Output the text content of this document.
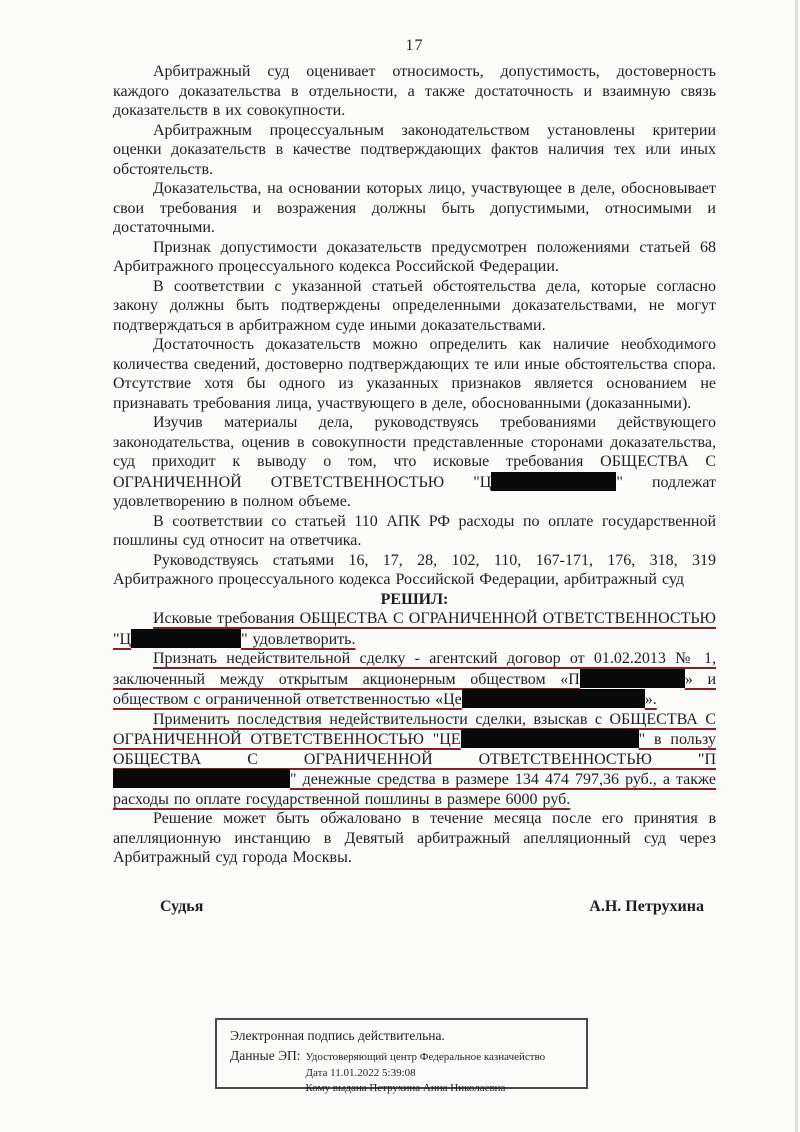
17

Арбитражный суд оценивает относимость, допустимость, достоверность каждого доказательства в отдельности, а также достаточность и взаимную связь доказательств в их совокупности.

Арбитражным процессуальным законодательством установлены критерии оценки доказательств в качестве подтверждающих фактов наличия тех или иных обстоятельств.

Доказательства, на основании которых лицо, участвующее в деле, обосновывает свои требования и возражения должны быть допустимыми, относимыми и достаточными.

Признак допустимости доказательств предусмотрен положениями статьей 68 Арбитражного процессуального кодекса Российской Федерации.

В соответствии с указанной статьей обстоятельства дела, которые согласно закону должны быть подтверждены определенными доказательствами, не могут подтверждаться в арбитражном суде иными доказательствами.

Достаточность доказательств можно определить как наличие необходимого количества сведений, достоверно подтверждающих те или иные обстоятельства спора. Отсутствие хотя бы одного из указанных признаков является основанием не признавать требования лица, участвующего в деле, обоснованными (доказанными).

Изучив материалы дела, руководствуясь требованиями действующего законодательства, оценив в совокупности представленные сторонами доказательства, суд приходит к выводу о том, что исковые требования ОБЩЕСТВА С ОГРАНИЧЕННОЙ ОТВЕТСТВЕННОСТЬЮ "Ц	" подлежат удовлетворению в полном объеме.

В соответствии со статьей 110 АПК РФ расходы по оплате государственной пошлины суд относит на ответчика.

Руководствуясь статьями 16, 17, 28, 102, 110, 167-171, 176, 318, 319 Арбитражного процессуального кодекса Российской Федерации, арбитражный суд

РЕШИЛ:

Исковые требования ОБЩЕСТВА С ОГРАНИЧЕННОЙ ОТВЕТСТВЕННОСТЬЮ "Ц	" удовлетворить.

Признать недействительной сделку - агентский договор от 01.02.2013 № 1, заключенный между открытым акционерным обществом «П	» и обществом с ограниченной ответственностью «Це	».

Применить последствия недействительности сделки, взыскав с ОБЩЕСТВА С ОГРАНИЧЕННОЙ ОТВЕТСТВЕННОСТЬЮ "ЦЕ	" в пользу ОБЩЕСТВА С ОГРАНИЧЕННОЙ ОТВЕТСТВЕННОСТЬЮ "П" денежные средства в размере 134 474 797,36 руб., а также расходы по оплате государственной пошлины в размере 6000 руб.

Решение может быть обжаловано в течение месяца после его принятия в апелляционную инстанцию в Девятый арбитражный апелляционный суд через Арбитражный суд города Москвы.

Судья	А.Н. Петрухина
Электронная подпись действительна.
Данные ЭП: Удостоверяющий центр Федеральное казначейство
Дата 11.01.2022 5:39:08
Кому выдана Петрухина Анна Николаевна
